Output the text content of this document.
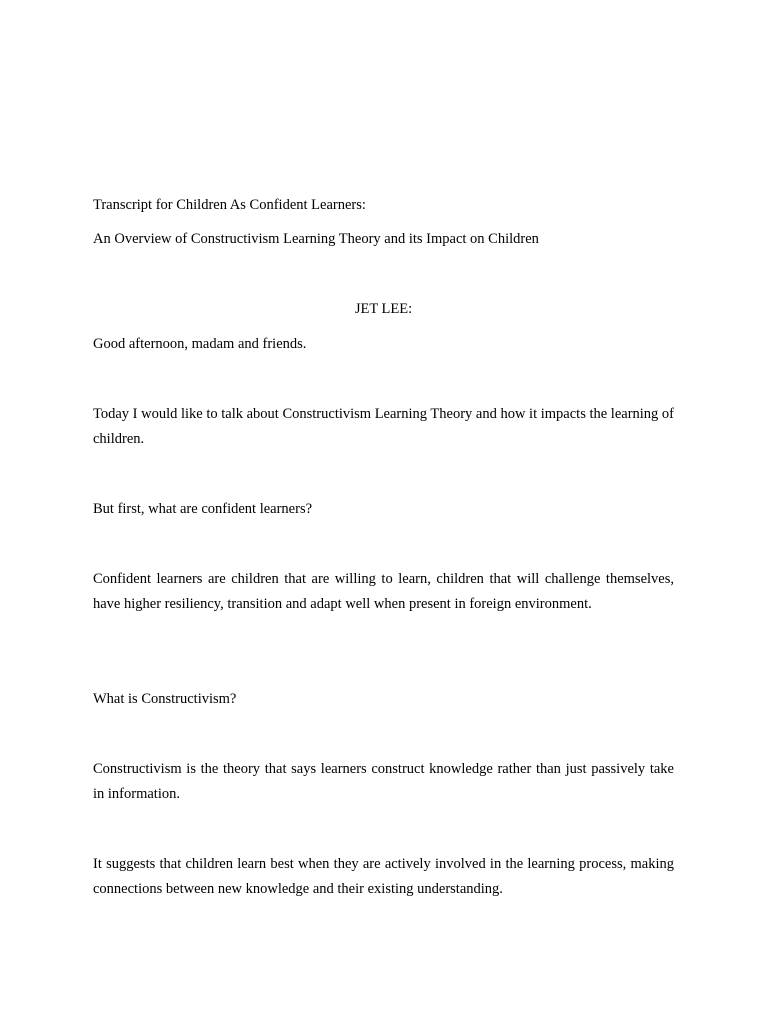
Transcript for Children As Confident Learners:

An Overview of Constructivism Learning Theory and its Impact on Children

JET LEE:

Good afternoon, madam and friends.

Today I would like to talk about Constructivism Learning Theory and how it impacts the learning of children.

But first, what are confident learners?

Confident learners are children that are willing to learn, children that will challenge themselves, have higher resiliency, transition and adapt well when present in foreign environment.

What is Constructivism?

Constructivism is the theory that says learners construct knowledge rather than just passively take in information.

It suggests that children learn best when they are actively involved in the learning process, making connections between new knowledge and their existing understanding.
